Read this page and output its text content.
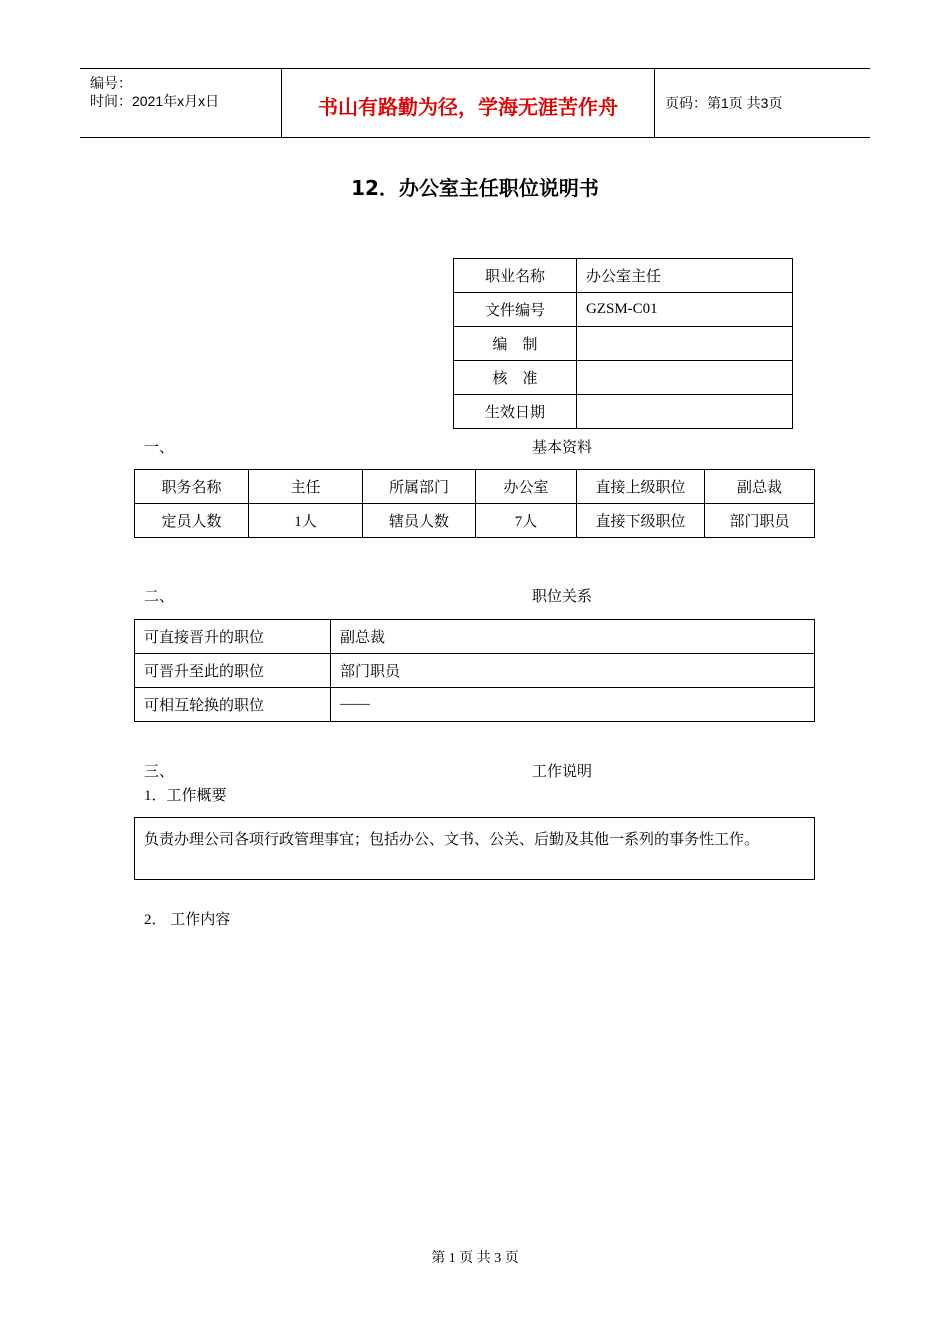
编号：
时间：2021年x月x日	书山有路勤为径，学海无涯苦作舟	页码：第1页 共3页
12．办公室主任职位说明书
职业名称	办公室主任
文件编号	GZSM-C01
编    制	
核    准	
生效日期	
一、	基本资料
职务名称	主任	所属部门	办公室	直接上级职位	副总裁
定员人数	1人	辖员人数	7人	直接下级职位	部门职员
二、	职位关系
可直接晋升的职位	副总裁
可晋升至此的职位	部门职员
可相互轮换的职位	——
三、	工作说明
1．工作概要
负责办理公司各项行政管理事宜；包括办公、文书、公关、后勤及其他一系列的事务性工作。
2． 工作内容
第 1 页 共 3 页
